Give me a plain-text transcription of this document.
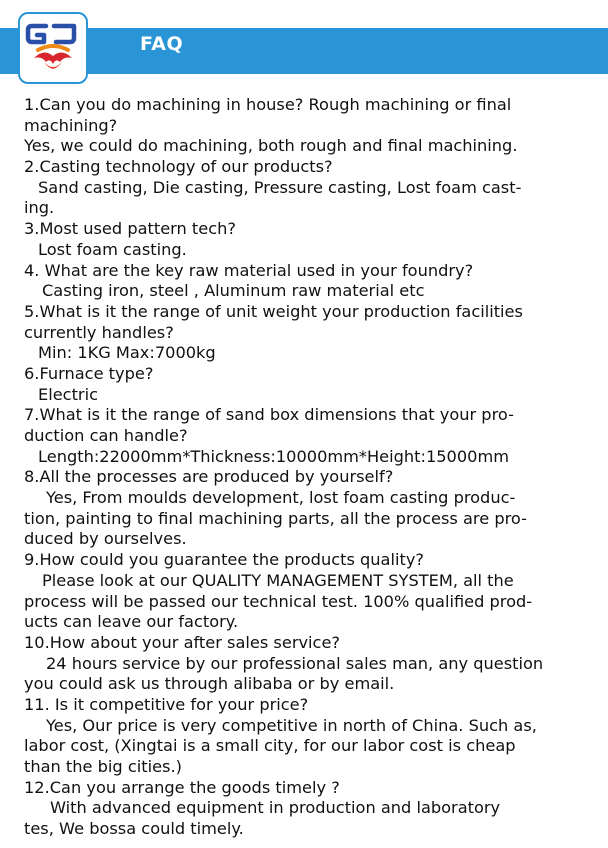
FAQ
1.Can you do machining in house? Rough machining or final
machining?
Yes, we could do machining, both rough and final machining.
2.Casting technology of our products?
Sand casting, Die casting, Pressure casting, Lost foam cast-
ing.
3.Most used pattern tech?
Lost foam casting.
4. What are the key raw material used in your foundry?
Casting iron, steel , Aluminum raw material etc
5.What is it the range of unit weight your production facilities
currently handles?
Min: 1KG Max:7000kg
6.Furnace type?
Electric
7.What is it the range of sand box dimensions that your pro-
duction can handle?
Length:22000mm*Thickness:10000mm*Height:15000mm
8.All the processes are produced by yourself?
Yes, From moulds development, lost foam casting produc-
tion, painting to final machining parts, all the process are pro-
duced by ourselves.
9.How could you guarantee the products quality?
Please look at our QUALITY MANAGEMENT SYSTEM, all the
process will be passed our technical test. 100% qualified prod-
ucts can leave our factory.
10.How about your after sales service?
24 hours service by our professional sales man, any question
you could ask us through alibaba or by email.
11. Is it competitive for your price?
Yes, Our price is very competitive in north of China. Such as,
labor cost, (Xingtai is a small city, for our labor cost is cheap
than the big cities.)
12.Can you arrange the goods timely ?
With advanced equipment in production and laboratory
tes, We bossa could timely.
